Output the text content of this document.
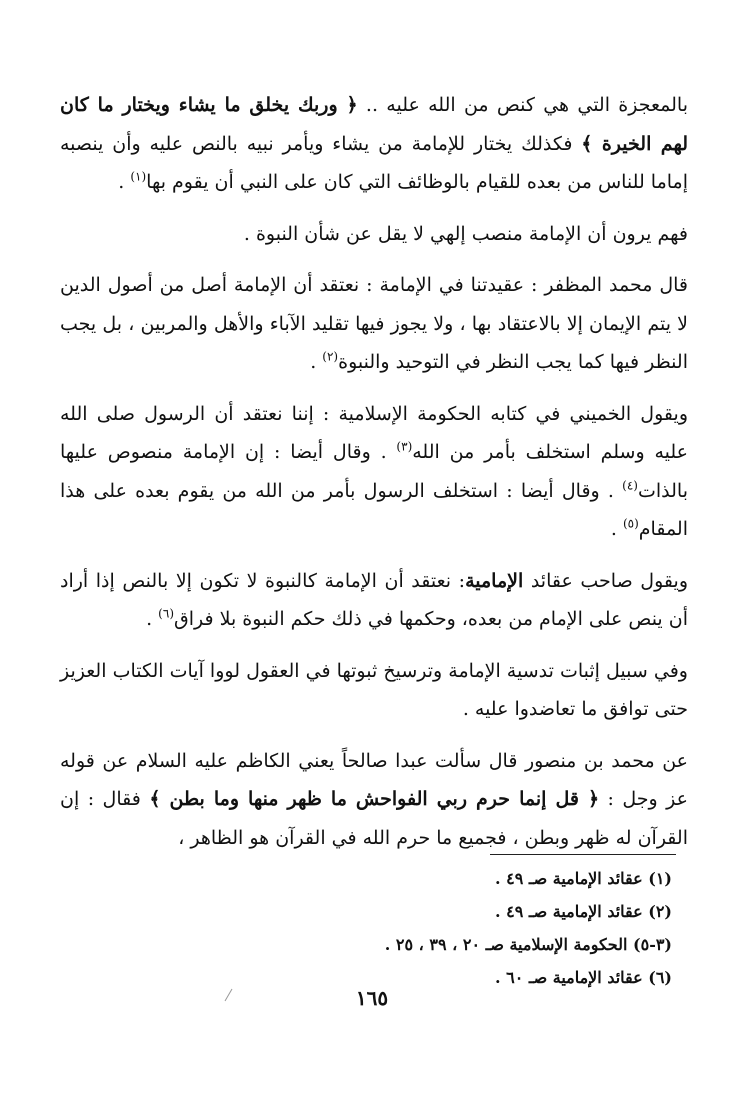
بالمعجزة التي هي كنص من الله عليه .. ﴿ وربك يخلق ما يشاء ويختار ما كان لهم الخيرة ﴾ فكذلك يختار للإمامة من يشاء ويأمر نبيه بالنص عليه وأن ينصبه إماما للناس من بعده للقيام بالوظائف التي كان على النبي أن يقوم بها$^{(١)}$ .

فهم يرون أن الإمامة منصب إلهي لا يقل عن شأن النبوة .

قال محمد المظفر : عقيدتنا في الإمامة : نعتقد أن الإمامة أصل من أصول الدين لا يتم الإيمان إلا بالاعتقاد بها ، ولا يجوز فيها تقليد الآباء والأهل والمربين ، بل يجب النظر فيها كما يجب النظر في التوحيد والنبوة$^{(٢)}$ .

ويقول الخميني في كتابه الحكومة الإسلامية : إننا نعتقد أن الرسول صلى الله عليه وسلم استخلف بأمر من الله$^{(٣)}$ . وقال أيضا : إن الإمامة منصوص عليها بالذات$^{(٤)}$ . وقال أيضا : استخلف الرسول بأمر من الله من يقوم بعده على هذا المقام$^{(٥)}$ .

ويقول صاحب عقائد الإمامية: نعتقد أن الإمامة كالنبوة لا تكون إلا بالنص إذا أراد أن ينص على الإمام من بعده، وحكمها في ذلك حكم النبوة بلا فراق$^{(٦)}$ .

وفي سبيل إثبات تدسية الإمامة وترسيخ ثبوتها في العقول لووا آيات الكتاب العزيز حتى توافق ما تعاضدوا عليه .

عن محمد بن منصور قال سألت عبدا صالحاً يعني الكاظم عليه السلام عن قوله عز وجل : ﴿ قل إنما حرم ربي الفواحش ما ظهر منها وما بطن ﴾ فقال : إن القرآن له ظهر وبطن ، فجميع ما حرم الله في القرآن هو الظاهر ،

(١) عقائد الإمامية صـ ٤٩ .
(٢) عقائد الإمامية صـ ٤٩ .
(٣-٥) الحكومة الإسلامية صـ ٢٠ ، ٣٩ ، ٢٥ .
(٦) عقائد الإمامية صـ ٦٠ .
١٦٥
